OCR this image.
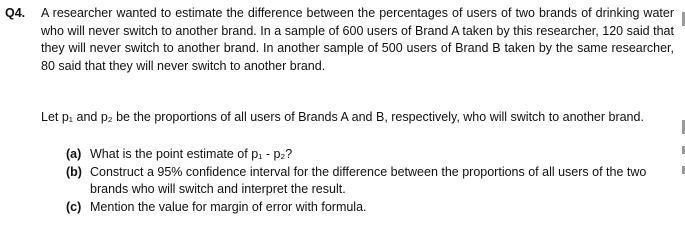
Q4. A researcher wanted to estimate the difference between the percentages of users of two brands of drinking water who will never switch to another brand. In a sample of 600 users of Brand A taken by this researcher, 120 said that they will never switch to another brand. In another sample of 500 users of Brand B taken by the same researcher, 80 said that they will never switch to another brand.

Let p₁ and p₂ be the proportions of all users of Brands A and B, respectively, who will switch to another brand.

(a) What is the point estimate of p₁ - p₂?
(b) Construct a 95% confidence interval for the difference between the proportions of all users of the two brands who will switch and interpret the result.
(c) Mention the value for margin of error with formula.
